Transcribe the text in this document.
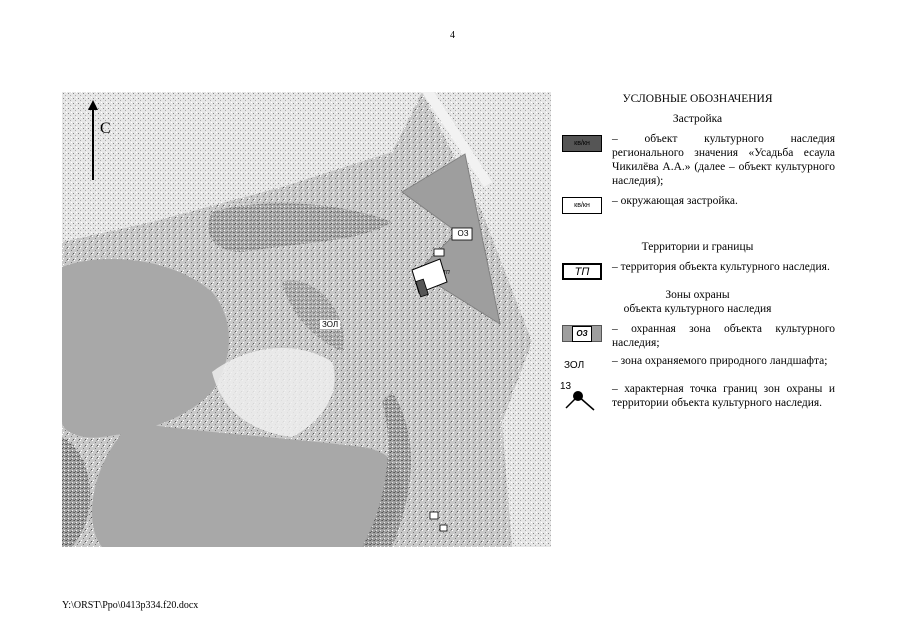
4
С
ОЗ
ЗОЛ
ТП
УСЛОВНЫЕ ОБОЗНАЧЕНИЯ
Застройка
кв/кн	– объект культурного наследия регионального значения «Усадьба есаула Чикилёва А.А.» (далее – объект культурного наследия);
кв/кн	– окружающая застройка.
Территории и границы
ТП	– территория объекта культурного наследия.
Зоны охраны
объекта культурного наследия
ОЗ	– охранная зона объекта культурного наследия;
ЗОЛ – зона охраняемого природного ландшафта;
13	– характерная точка границ зон охраны и территории объекта культурного наследия.
Y:\ORST\Ppo\0413p334.f20.docx
